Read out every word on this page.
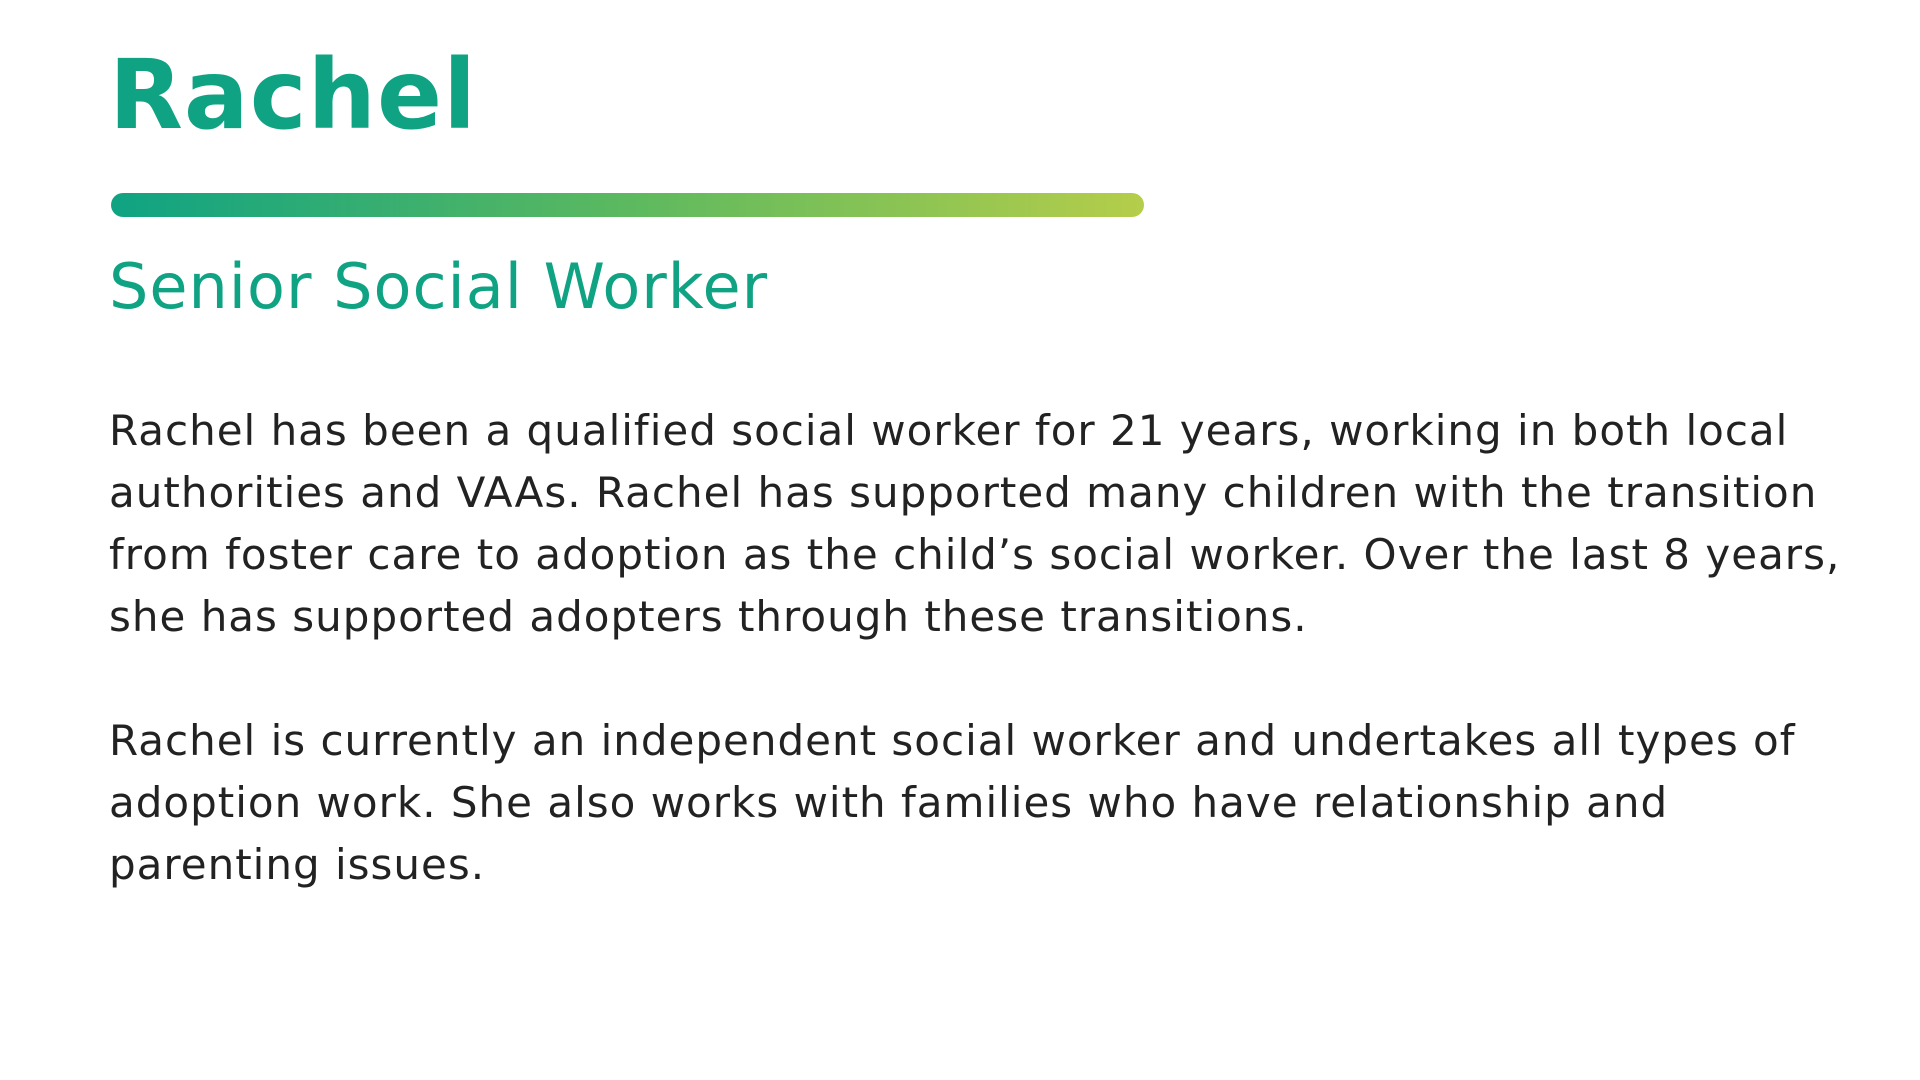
Rachel
Senior Social Worker

Rachel has been a qualified social worker for 21 years, working in both local authorities and VAAs. Rachel has supported many children with the transition from foster care to adoption as the child’s social worker. Over the last 8 years, she has supported adopters through these transitions.

Rachel is currently an independent social worker and undertakes all types of adoption work. She also works with families who have relationship and parenting issues.
